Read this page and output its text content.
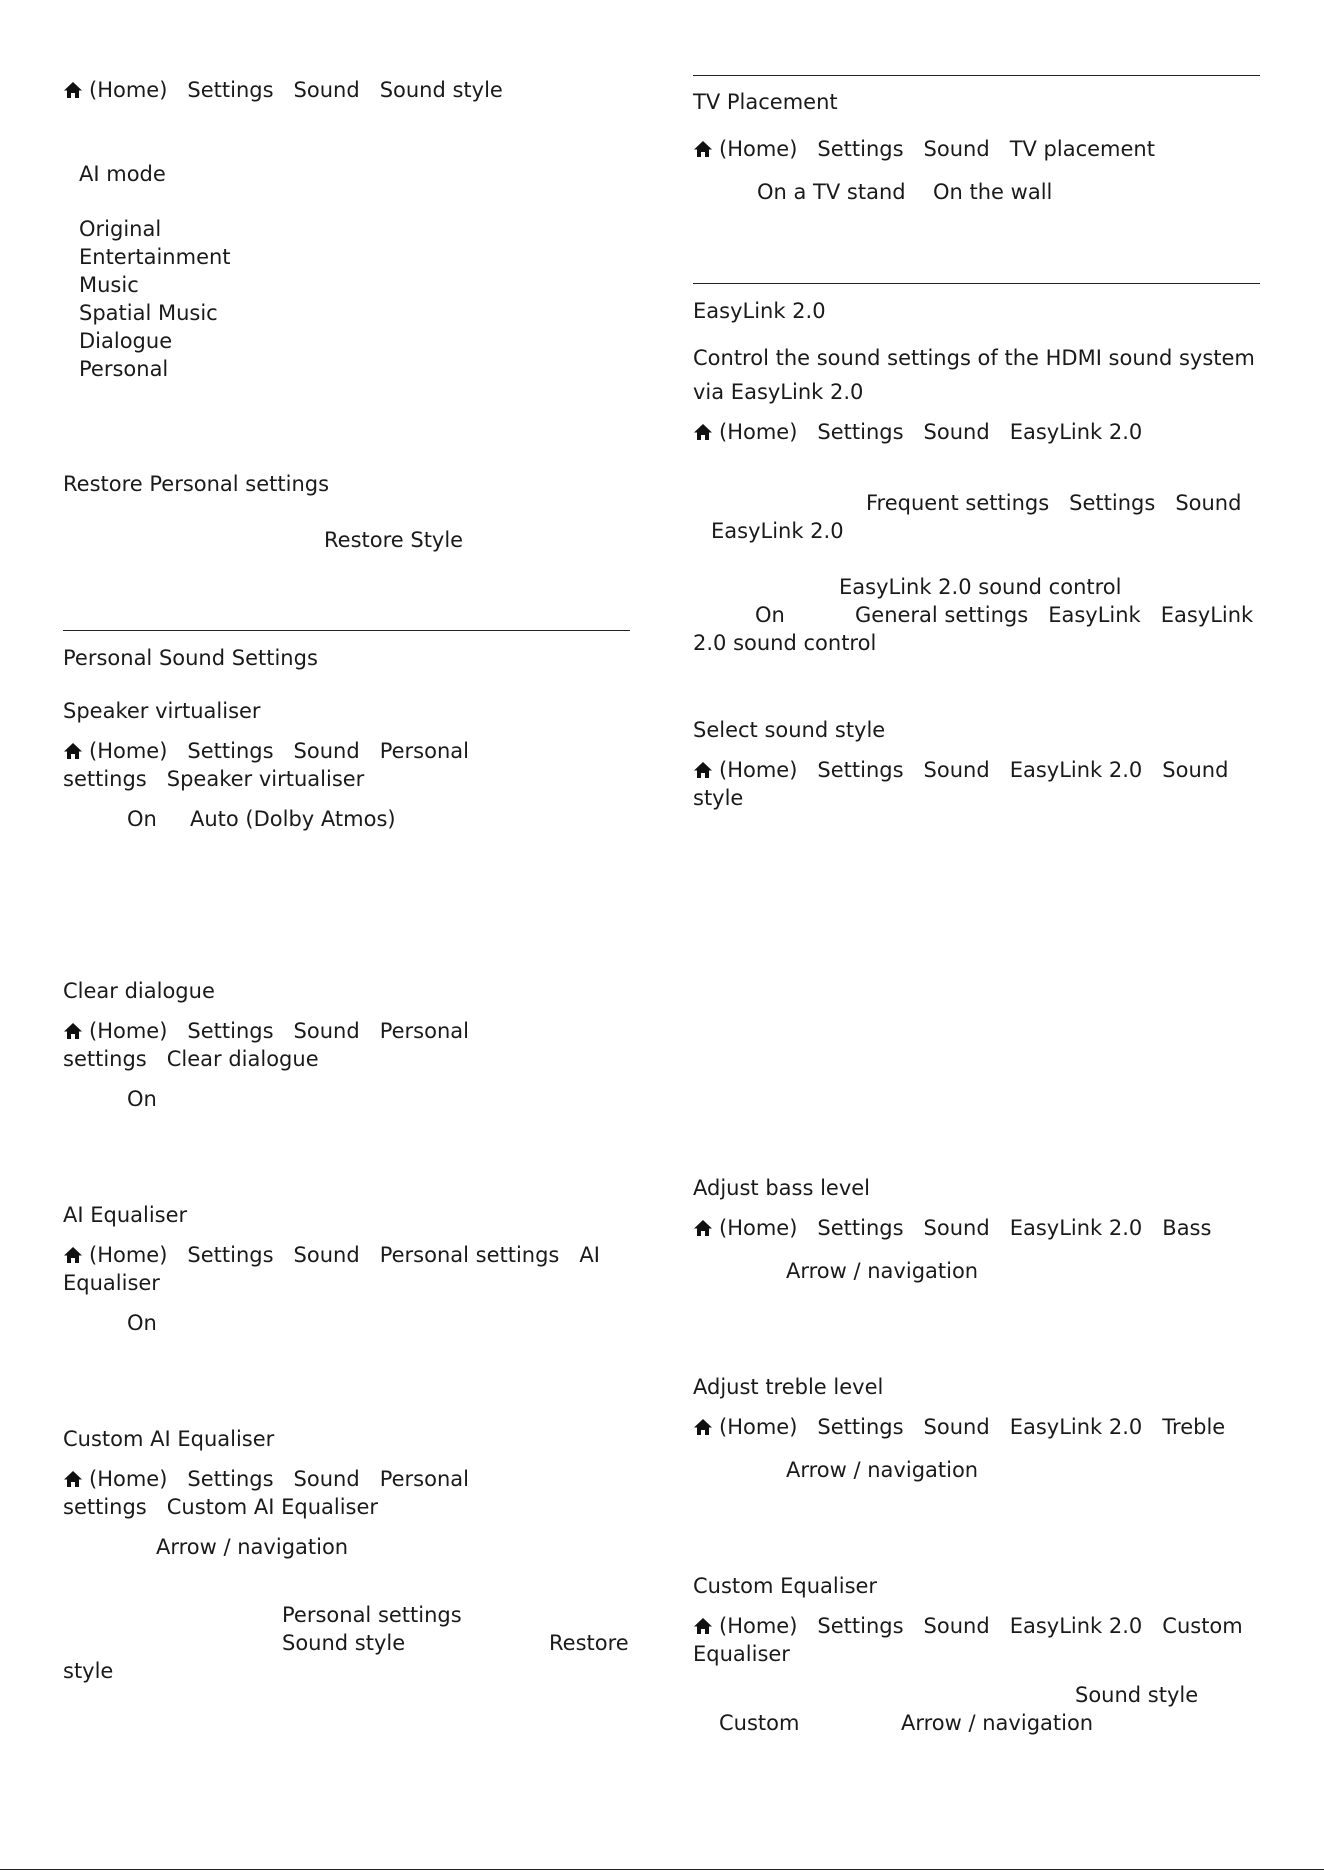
(Home) Settings Sound Sound style
AI mode
Original
Entertainment
Music
Spatial Music
Dialogue
Personal
Restore Personal settings
Restore Style
Personal Sound Settings
Speaker virtualiser
(Home) Settings Sound Personal
settings Speaker virtualiser
On Auto (Dolby Atmos)
Clear dialogue
(Home) Settings Sound Personal
settings Clear dialogue
On
AI Equaliser
(Home) Settings Sound Personal settings AI
Equaliser
On
Custom AI Equaliser
(Home) Settings Sound Personal
settings Custom AI Equaliser
Arrow / navigation
Personal settings
Sound style	Restore
style
TV Placement
(Home) Settings Sound TV placement
On a TV stand On the wall
EasyLink 2.0
Control the sound settings of the HDMI sound system
via EasyLink 2.0
(Home) Settings Sound EasyLink 2.0
Frequent settings Settings Sound
EasyLink 2.0
EasyLink 2.0 sound control
On	General settings EasyLink EasyLink
2.0 sound control
Select sound style
(Home) Settings Sound EasyLink 2.0 Sound
style
Adjust bass level
(Home) Settings Sound EasyLink 2.0 Bass
Arrow / navigation
Adjust treble level
(Home) Settings Sound EasyLink 2.0 Treble
Arrow / navigation
Custom Equaliser
(Home) Settings Sound EasyLink 2.0 Custom
Equaliser
Sound style
Custom	Arrow / navigation
